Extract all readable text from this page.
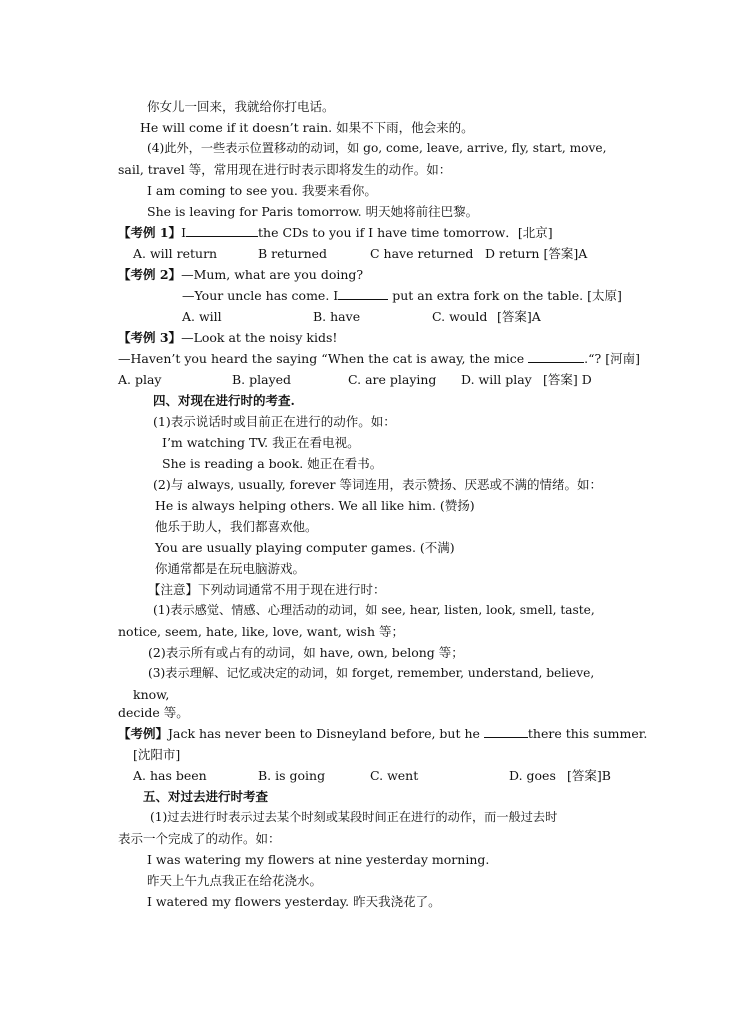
你女儿一回来，我就给你打电话。
He will come if it doesn’t rain. 如果不下雨，他会来的。
(4)此外，一些表示位置移动的动词，如 go, come, leave, arrive, fly, start, move,
sail, travel 等，常用现在进行时表示即将发生的动作。如：
I am coming to see you. 我要来看你。
She is leaving for Paris tomorrow. 明天她将前往巴黎。
【考例 1】I	the CDs to you if I have time tomorrow．[北京]
A. will return	B returned	C have returned D return [答案]A
【考例 2】—Mum, what are you doing?
—Your uncle has come. I	put an extra fork on the table. [太原]
A. will	B. have	C. would [答案]A
【考例 3】—Look at the noisy kids!
—Haven’t you heard the saying “When the cat is away, the mice	.“? [河南]
A. play	B. played	C. are playing D. will play [答案] D
四、对现在进行时的考查.
(1)表示说话时或目前正在进行的动作。如：
I’m watching TV. 我正在看电视。
She is reading a book. 她正在看书。
(2)与 always, usually, forever 等词连用，表示赞扬、厌恶或不满的情绪。如：
He is always helping others. We all like him. (赞扬)
他乐于助人，我们都喜欢他。
You are usually playing computer games. (不满)
你通常都是在玩电脑游戏。
【注意】下列动词通常不用于现在进行时：
(1)表示感觉、情感、心理活动的动词，如 see, hear, listen, look, smell, taste,
notice, seem, hate, like, love, want, wish 等；
(2)表示所有或占有的动词，如 have, own, belong 等；
(3)表示理解、记忆或决定的动词，如 forget, remember, understand, believe,
know,
decide 等。
【考例】Jack has never been to Disneyland before, but he	there this summer.
[沈阳市]
A. has been	B. is going	C. went	D. goes [答案]B
五、对过去进行时考查
(1)过去进行时表示过去某个时刻或某段时间正在进行的动作，而一般过去时
表示一个完成了的动作。如：
I was watering my flowers at nine yesterday morning.
昨天上午九点我正在给花浇水。
I watered my flowers yesterday. 昨天我浇花了。
